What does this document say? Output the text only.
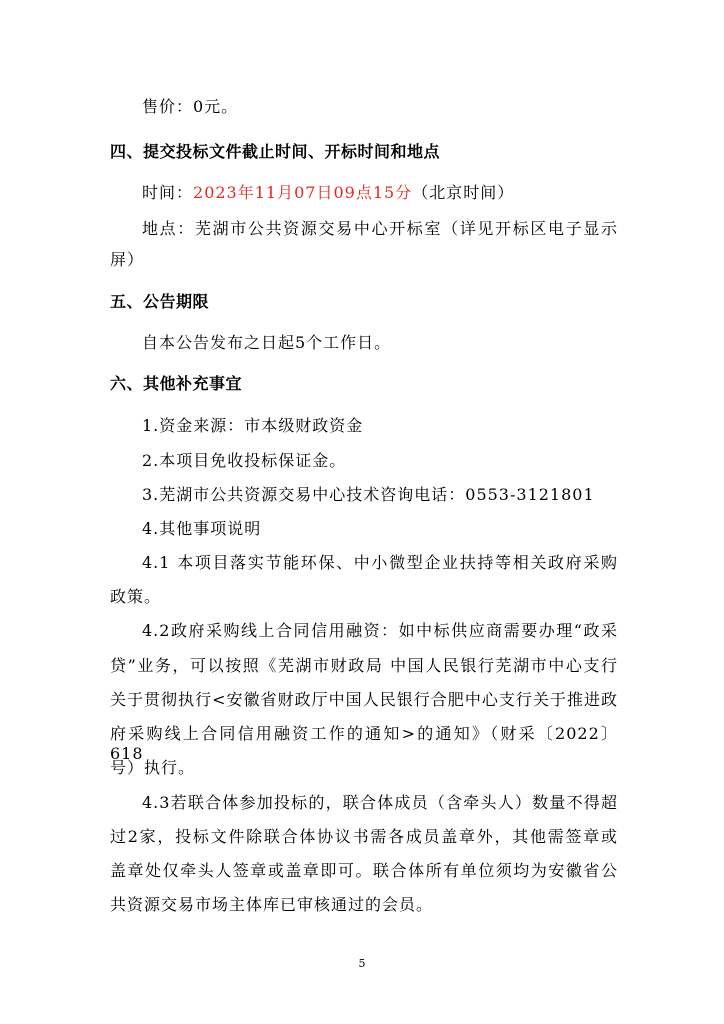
售价：0元。
四、提交投标文件截止时间、开标时间和地点
时间：2023年11月07日09点15分（北京时间）
地点：芜湖市公共资源交易中心开标室（详见开标区电子显示
屏）
五、公告期限
自本公告发布之日起5个工作日。
六、其他补充事宜
1.资金来源：市本级财政资金
2.本项目免收投标保证金。
3.芜湖市公共资源交易中心技术咨询电话：0553-3121801
4.其他事项说明
4.1 本项目落实节能环保、中小微型企业扶持等相关政府采购
政策。
4.2政府采购线上合同信用融资：如中标供应商需要办理“政采
贷”业务，可以按照《芜湖市财政局 中国人民银行芜湖市中心支行
关于贯彻执行<安徽省财政厅中国人民银行合肥中心支行关于推进政
府采购线上合同信用融资工作的通知>的通知》（财采〔2022〕618
号）执行。
4.3若联合体参加投标的，联合体成员（含牵头人）数量不得超
过2家，投标文件除联合体协议书需各成员盖章外，其他需签章或
盖章处仅牵头人签章或盖章即可。联合体所有单位须均为安徽省公
共资源交易市场主体库已审核通过的会员。
5
